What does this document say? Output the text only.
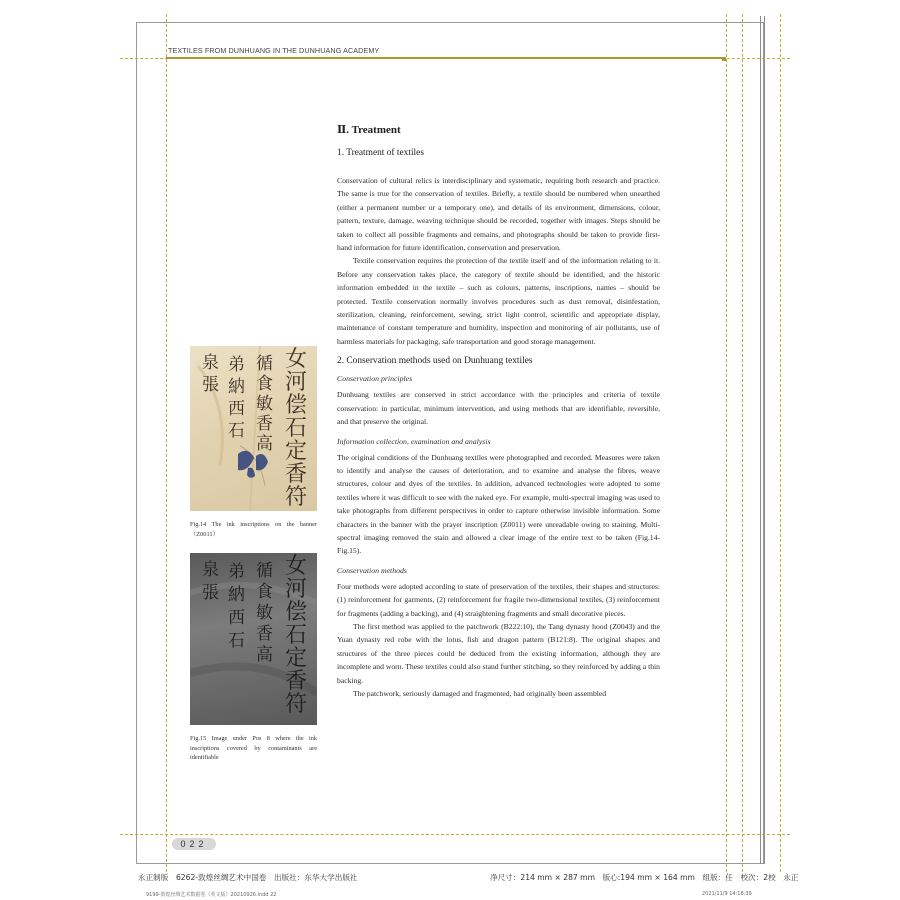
TEXTILES FROM DUNHUANG IN THE DUNHUANG ACADEMY
女河偿石定香符
循食敏香高
弟納西石
泉張
Fig.14 The ink inscriptions on the banner（Z0011）
女河偿石定香符
循食敏香高
弟納西石
泉張
Fig.15 Image under Pos 8 where the ink inscriptions covered by contaminants are identifiable
Ⅱ. Treatment
1. Treatment of textiles

Conservation of cultural relics is interdisciplinary and systematic, requiring both research and practice. The same is true for the conservation of textiles. Briefly, a textile should be numbered when unearthed (either a permanent number or a temporary one), and details of its environment, dimensions, colour, pattern, texture, damage, weaving technique should be recorded, together with images. Steps should be taken to collect all possible fragments and remains, and photographs should be taken to provide first-hand information for future identification, conservation and preservation.

Textile conservation requires the protection of the textile itself and of the information relating to it. Before any conservation takes place, the category of textile should be identified, and the historic information embedded in the textile – such as colours, patterns, inscriptions, names – should be protected. Textile conservation normally involves procedures such as dust removal, disinfestation, sterilization, cleaning, reinforcement, sewing, strict light control, scientific and appropriate display, maintenance of constant temperature and humidity, inspection and monitoring of air pollutants, use of harmless materials for packaging, safe transportation and good storage management.

2. Conservation methods used on Dunhuang textiles
Conservation principles

Dunhuang textiles are conserved in strict accordance with the principles and criteria of textile conservation: in particular, minimum intervention, and using methods that are identifiable, reversible, and that preserve the original.

Information collection, examination and analysis

The original conditions of the Dunhuang textiles were photographed and recorded. Measures were taken to identify and analyse the causes of deterioration, and to examine and analyse the fibres, weave structures, colour and dyes of the textiles. In addition, advanced technologies were adopted to some textiles where it was difficult to see with the naked eye. For example, multi-spectral imaging was used to take photographs from different perspectives in order to capture otherwise invisible information. Some characters in the banner with the prayer inscription (Z0011) were unreadable owing to staining. Multi-spectral imaging removed the stain and allowed a clear image of the entire text to be taken (Fig.14-Fig.15).

Conservation methods

Four methods were adopted according to state of preservation of the textiles, their shapes and structures: (1) reinforcement for garments, (2) reinforcement for fragile two-dimensional textiles, (3) reinforcement for fragments (adding a backing), and (4) straightening fragments and small decorative pieces.

The first method was applied to the patchwork (B222:10), the Tang dynasty hood (Z0043) and the Yuan dynasty red robe with the lotus, fish and dragon pattern (B121:8). The original shapes and structures of the three pieces could be deduced from the existing information, although they are incomplete and worn. These textiles could also stand further stitching, so they reinforced by adding a thin backing.

The patchwork, seriously damaged and fragmented, had originally been assembled

022
永正制版　6262-敦煌丝绸艺术中国卷　出版社：东华大学出版社	净尺寸：214 mm × 287 mm　版心:194 mm × 164 mm　组版：任　校次：2校　永正
9199-敦煌丝绸艺术数据卷（英文版）20210926.indd 22	2021/11/9 14:18:39
